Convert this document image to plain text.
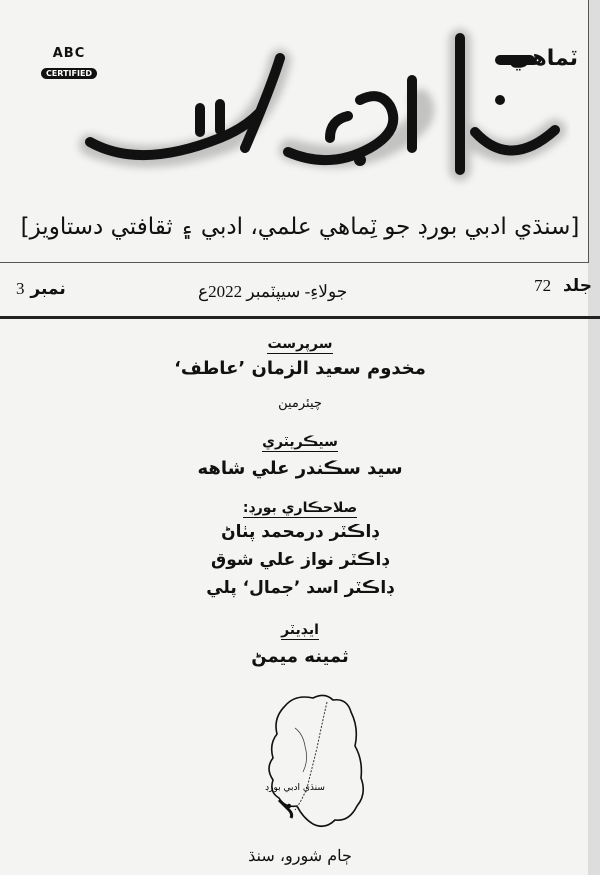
ABC
CERTIFIED
ٽماهي
[سنڌي ادبي بورڊ جو ٽِماهي علمي، ادبي ۽ ثقافتي دستاويز]
جلد 72
جولاءِ- سيپٽمبر 2022ع
نمبر 3
سرپرست
مخدوم سعيد الزمان ’عاطف‘
چيئرمين
سيڪريٽري
سيد سڪندر علي شاهه
صلاحڪاري بورڊ:
ڊاڪٽر درمحمد پٺاڻ
ڊاڪٽر نواز علي شوق
ڊاڪٽر اسد ’جمال‘ پلي
ايڊيٽر
ثمينه ميمڻ
سنڌي ادبي بورڊ
ڄام شورو، سنڌ
